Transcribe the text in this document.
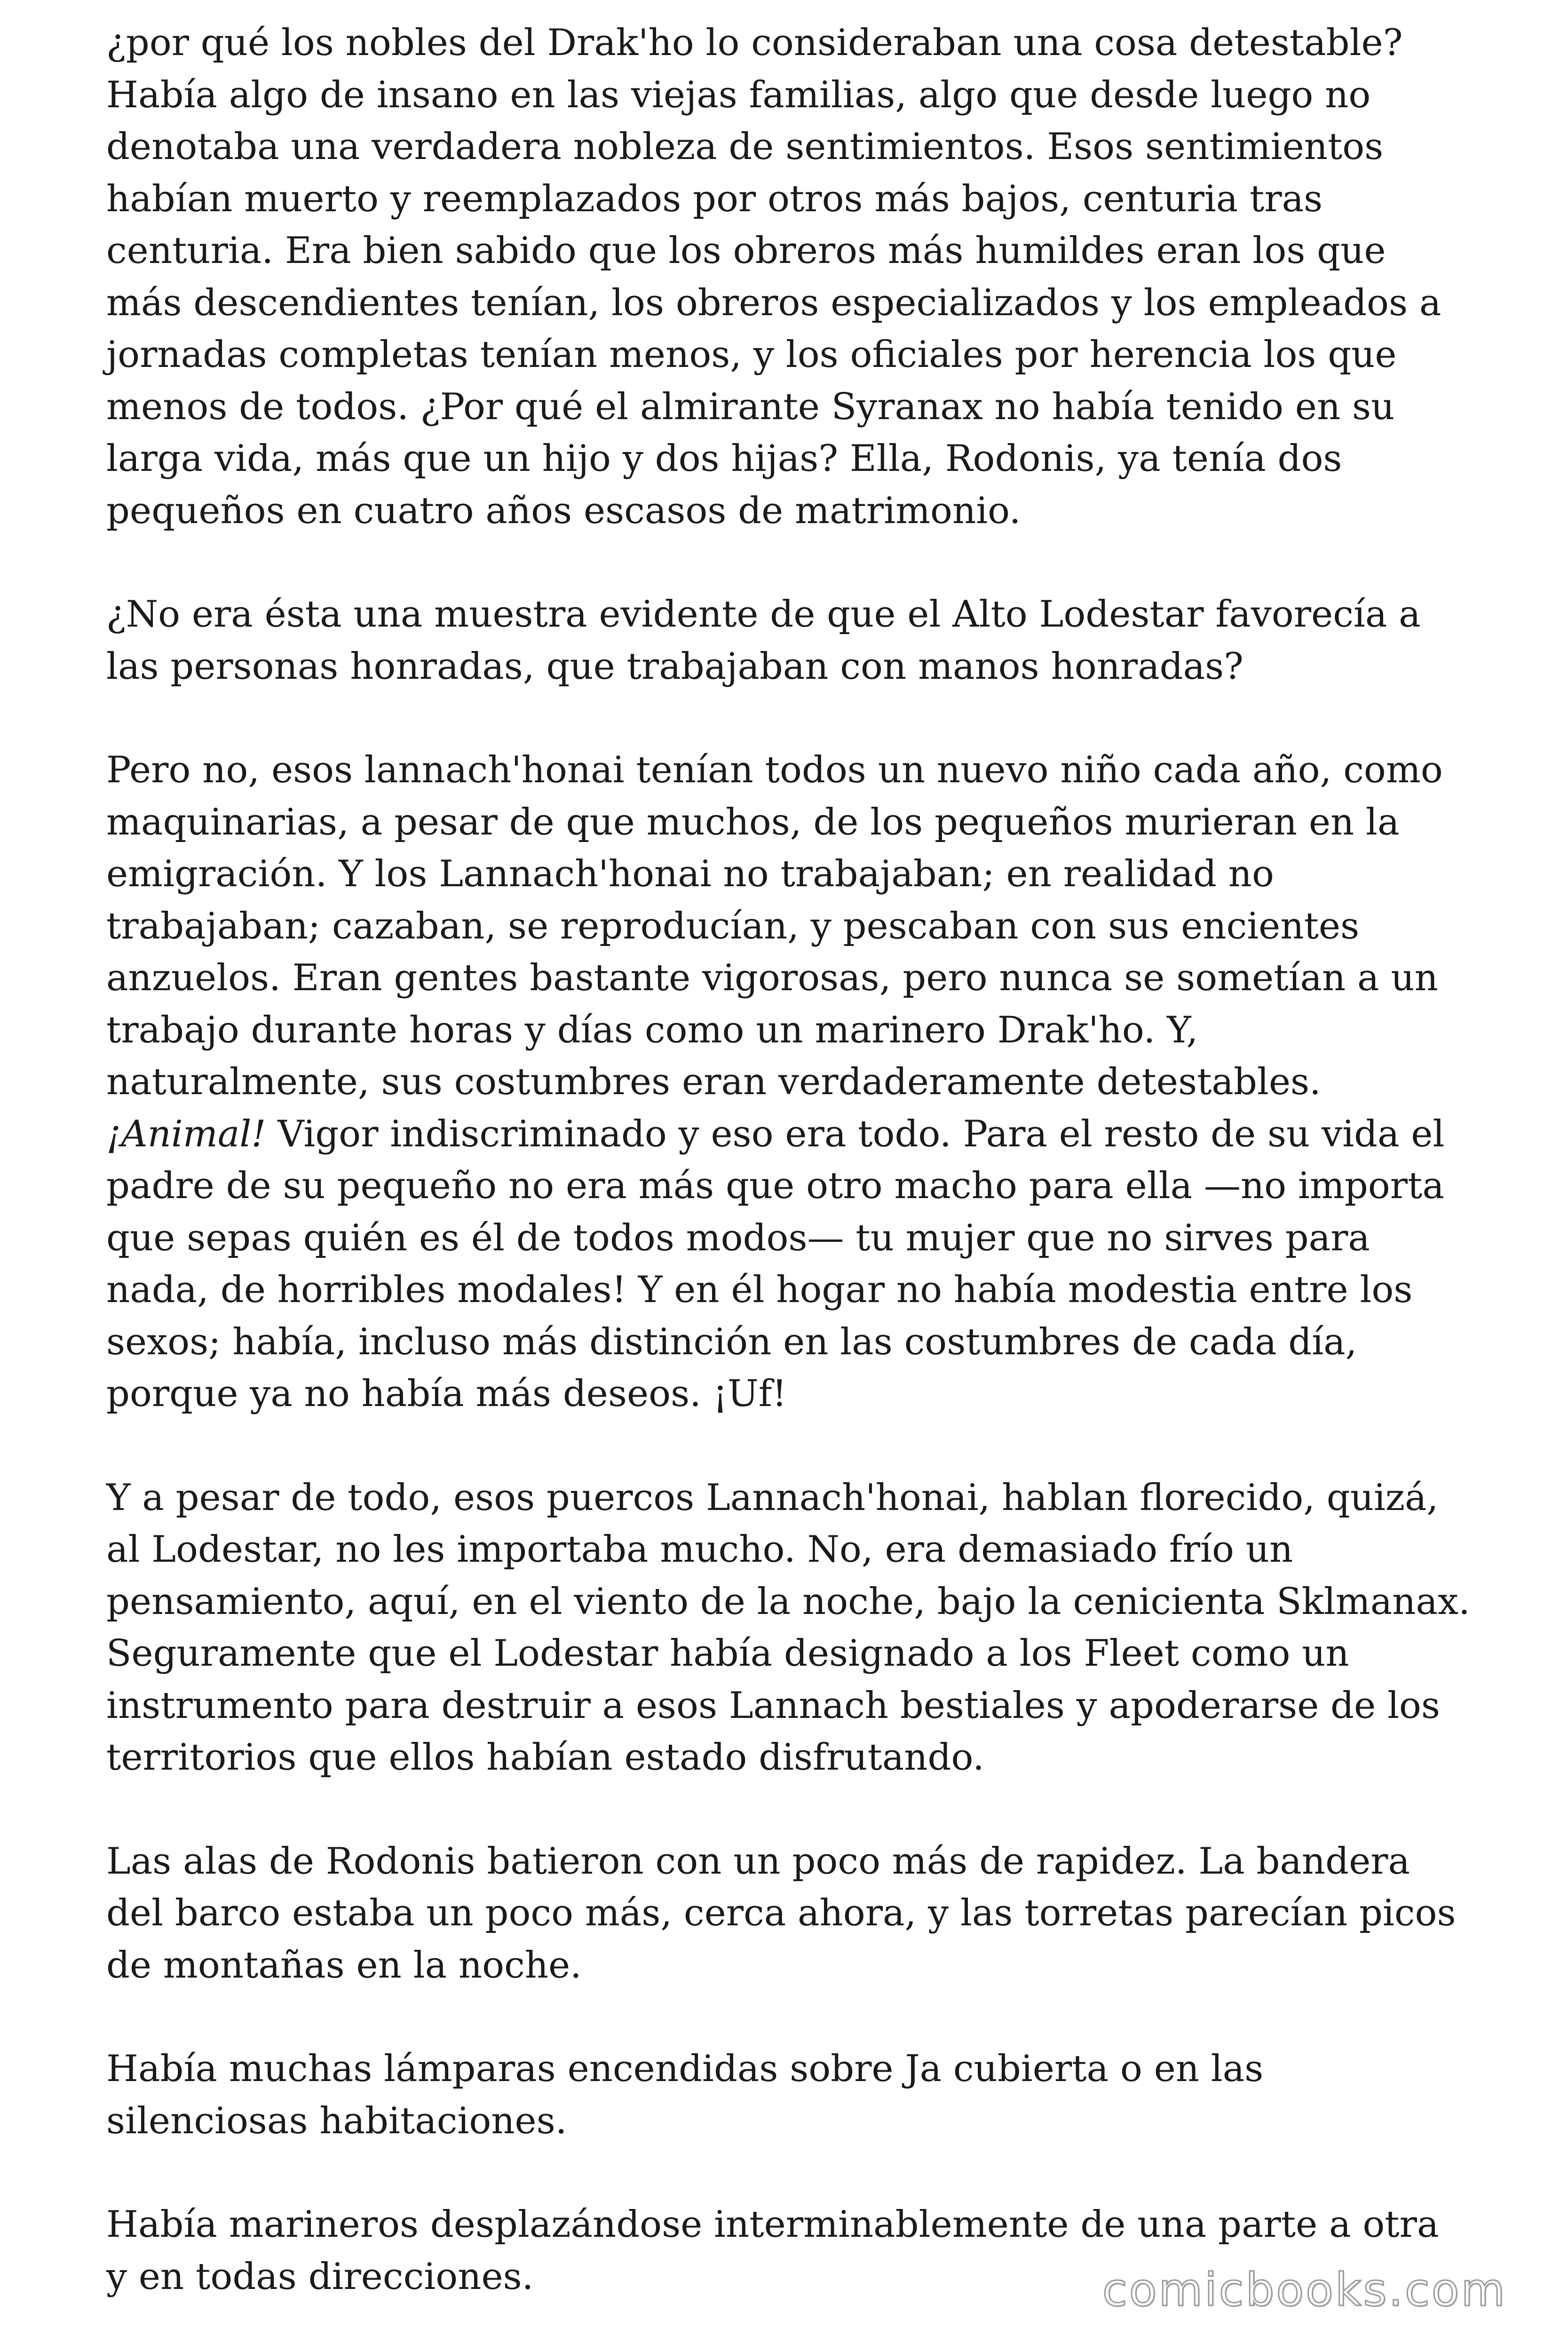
¿por qué los nobles del Drak'ho lo consideraban una cosa detestable? Había algo de insano en las viejas familias, algo que desde luego no denotaba una verdadera nobleza de sentimientos. Esos sentimientos habían muerto y reemplazados por otros más bajos, centuria tras centuria. Era bien sabido que los obreros más humildes eran los que más descendientes tenían, los obreros especializados y los empleados a jornadas completas tenían menos, y los oficiales por herencia los que menos de todos. ¿Por qué el almirante Syranax no había tenido en su larga vida, más que un hijo y dos hijas? Ella, Rodonis, ya tenía dos pequeños en cuatro años escasos de matrimonio.

¿No era ésta una muestra evidente de que el Alto Lodestar favorecía a las personas honradas, que trabajaban con manos honradas?

Pero no, esos lannach'honai tenían todos un nuevo niño cada año, como maquinarias, a pesar de que muchos, de los pequeños murieran en la emigración. Y los Lannach'honai no trabajaban; en realidad no trabajaban; cazaban, se reproducían, y pescaban con sus encientes anzuelos. Eran gentes bastante vigorosas, pero nunca se sometían a un trabajo durante horas y días como un marinero Drak'ho. Y, naturalmente, sus costumbres eran verdaderamente detestables. ¡Animal! Vigor indiscriminado y eso era todo. Para el resto de su vida el padre de su pequeño no era más que otro macho para ella —no importa que sepas quién es él de todos modos— tu mujer que no sirves para nada, de horribles modales! Y en él hogar no había modestia entre los sexos; había, incluso más distinción en las costumbres de cada día, porque ya no había más deseos. ¡Uf!

Y a pesar de todo, esos puercos Lannach'honai, hablan florecido, quizá, al Lodestar, no les importaba mucho. No, era demasiado frío un pensamiento, aquí, en el viento de la noche, bajo la cenicienta Sklmanax. Seguramente que el Lodestar había designado a los Fleet como un instrumento para destruir a esos Lannach bestiales y apoderarse de los territorios que ellos habían estado disfrutando.

Las alas de Rodonis batieron con un poco más de rapidez. La bandera del barco estaba un poco más, cerca ahora, y las torretas parecían picos de montañas en la noche.

Había muchas lámparas encendidas sobre Ja cubierta o en las silenciosas habitaciones.

Había marineros desplazándose interminablemente de una parte a otra y en todas direcciones.	comicbooks.com
